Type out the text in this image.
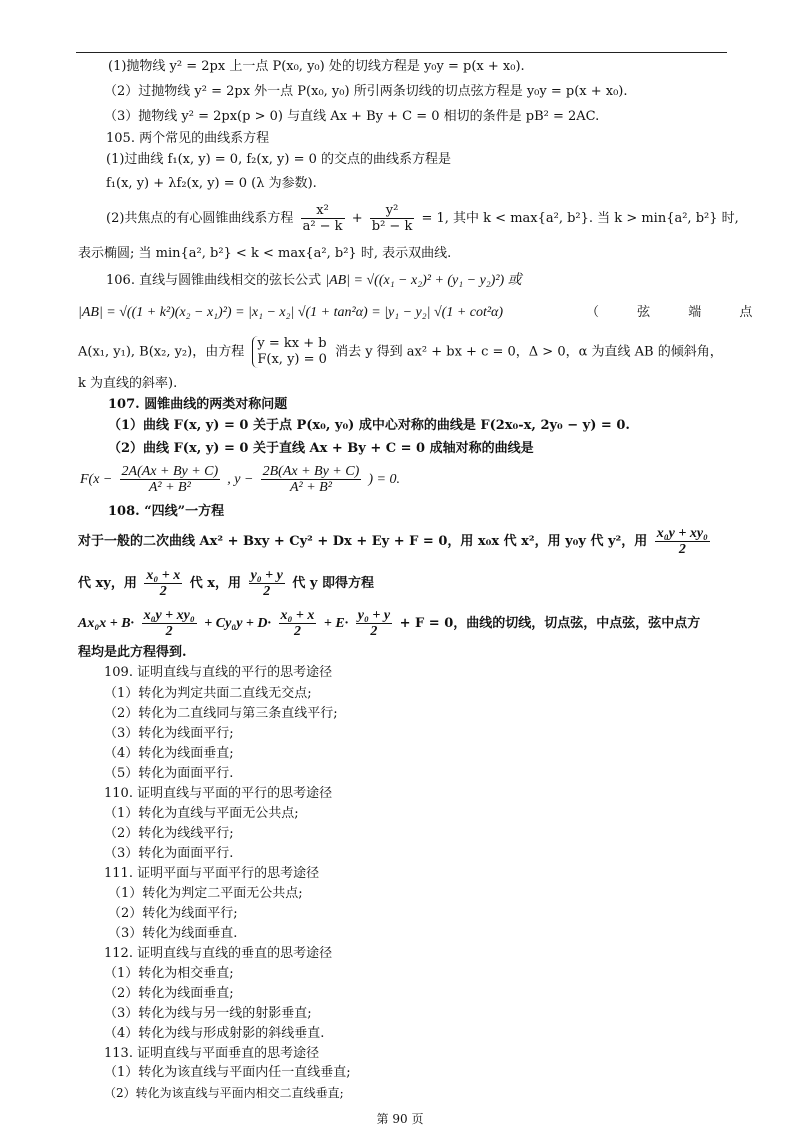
(1)抛物线 y² = 2px 上一点 P(x₀, y₀) 处的切线方程是 y₀y = p(x + x₀).
（2）过抛物线 y² = 2px 外一点 P(x₀, y₀) 所引两条切线的切点弦方程是 y₀y = p(x + x₀).
（3）抛物线 y² = 2px(p > 0) 与直线 Ax + By + C = 0 相切的条件是 pB² = 2AC.
105. 两个常见的曲线系方程
(1)过曲线 f₁(x, y) = 0, f₂(x, y) = 0 的交点的曲线系方程是
f₁(x, y) + λf₂(x, y) = 0 (λ 为参数).
(2)共焦点的有心圆锥曲线系方程 $\frac{\text{x²}}{\text{a² − k}} + \frac{\text{y²}}{\text{b² − k}} = 1$, 其中 k < max{a², b²}. 当 k > min{a², b²} 时,
表示椭圆; 当 min{a², b²} < k < max{a², b²} 时, 表示双曲线.
106. 直线与圆锥曲线相交的弦长公式 |AB| = √((x₁ − x₂)² + (y₁ − y₂)²) 或
|AB| = √((1 + k²)(x₂ − x₁)²) = |x₁ − x₂| √(1 + tan²α) = |y₁ − y₂| √(1 + cot²α)	（ 弦 端 点
A(x₁, y₁), B(x₂, y₂)，由方程
y = kx + b
F(x, y) = 0 消去 y 得到 ax² + bx + c = 0，Δ > 0，α 为直线 AB 的倾斜角，
k 为直线的斜率).
107. 圆锥曲线的两类对称问题
（1）曲线 F(x, y) = 0 关于点 P(x₀, y₀) 成中心对称的曲线是 F(2x₀-x, 2y₀ − y) = 0.
（2）曲线 F(x, y) = 0 关于直线 Ax + By + C = 0 成轴对称的曲线是
$F(x - \frac{2A(Ax + By + C)}{\text{A² + B²}}$ , $y - \frac{2B(Ax + By + C)}{\text{A² + B²}}$ ) = 0.
108. “四线”一方程
对于一般的二次曲线 Ax² + Bxy + Cy² + Dx + Ey + F = 0，用 x₀x 代 x²，用 y₀y 代 y²，用 $\frac{\text{x₀y + xy₀}}{2}$
代 xy，用 $\frac{\text{x₀ + x}}{2}$ 代 x，用 $\frac{\text{y₀ + y}}{2}$ 代 y 即得方程
$Ax_0x + B\cdot \frac{\text{x₀y + xy₀}}{2} + Cy_0y + D\cdot \frac{\text{x₀ + x}}{2} + E\cdot \frac{\text{y₀ + y}}{2} + F = 0$，曲线的切线，切点弦，中点弦，弦中点方
程均是此方程得到.
109. 证明直线与直线的平行的思考途径
（1）转化为判定共面二直线无交点;
（2）转化为二直线同与第三条直线平行;
（3）转化为线面平行;
（4）转化为线面垂直;
（5）转化为面面平行.
110. 证明直线与平面的平行的思考途径
（1）转化为直线与平面无公共点;
（2）转化为线线平行;
（3）转化为面面平行.
111. 证明平面与平面平行的思考途径
（1）转化为判定二平面无公共点;
（2）转化为线面平行;
（3）转化为线面垂直.
112. 证明直线与直线的垂直的思考途径
（1）转化为相交垂直;
（2）转化为线面垂直;
（3）转化为线与另一线的射影垂直;
（4）转化为线与形成射影的斜线垂直.
113. 证明直线与平面垂直的思考途径
（1）转化为该直线与平面内任一直线垂直;
（2）转化为该直线与平面内相交二直线垂直;
第 90 页
